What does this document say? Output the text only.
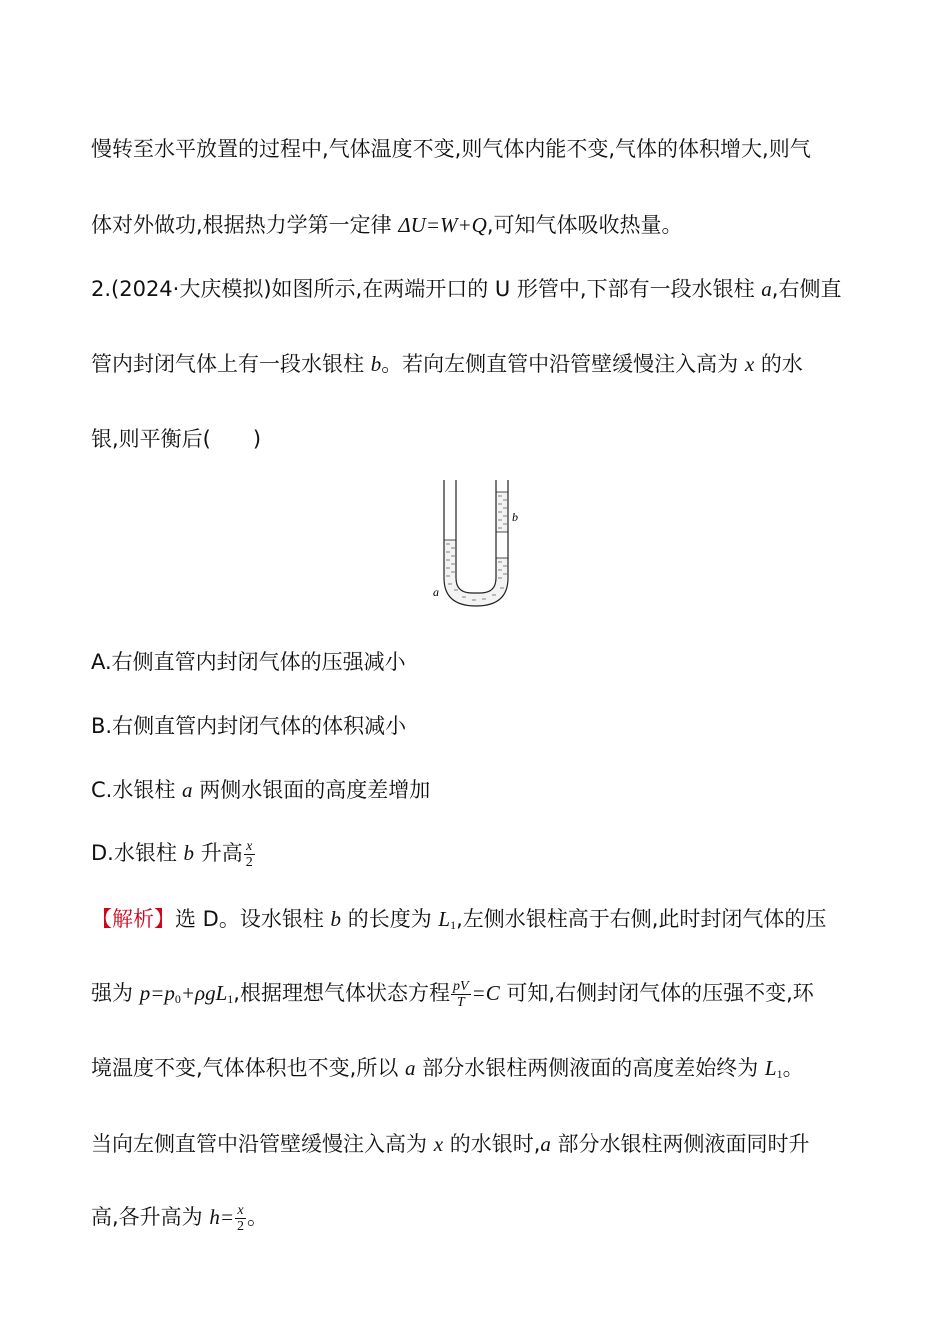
慢转至水平放置的过程中,气体温度不变,则气体内能不变,气体的体积增大,则气
体对外做功,根据热力学第一定律 ΔU=W+Q,可知气体吸收热量。
2.(2024·大庆模拟)如图所示,在两端开口的 U 形管中,下部有一段水银柱 a,右侧直
管内封闭气体上有一段水银柱 b。若向左侧直管中沿管壁缓慢注入高为 x 的水
银,则平衡后(　　)
b
a
A.右侧直管内封闭气体的压强减小
B.右侧直管内封闭气体的体积减小
C.水银柱 a 两侧水银面的高度差增加
D.水银柱 b 升高 $\frac{x}{2}$
【解析】选 D。设水银柱 b 的长度为 $L_1$,左侧水银柱高于右侧,此时封闭气体的压
强为 $p=p_0+\rho gL_1$,根据理想气体状态方程 $\frac{pV}{T} =C$ 可知,右侧封闭气体的压强不变,环
境温度不变,气体体积也不变,所以 a 部分水银柱两侧液面的高度差始终为 $L_1$。
当向左侧直管中沿管壁缓慢注入高为 x 的水银时,a 部分水银柱两侧液面同时升
高,各升高为 $h= \frac{x}{2}$ 。
